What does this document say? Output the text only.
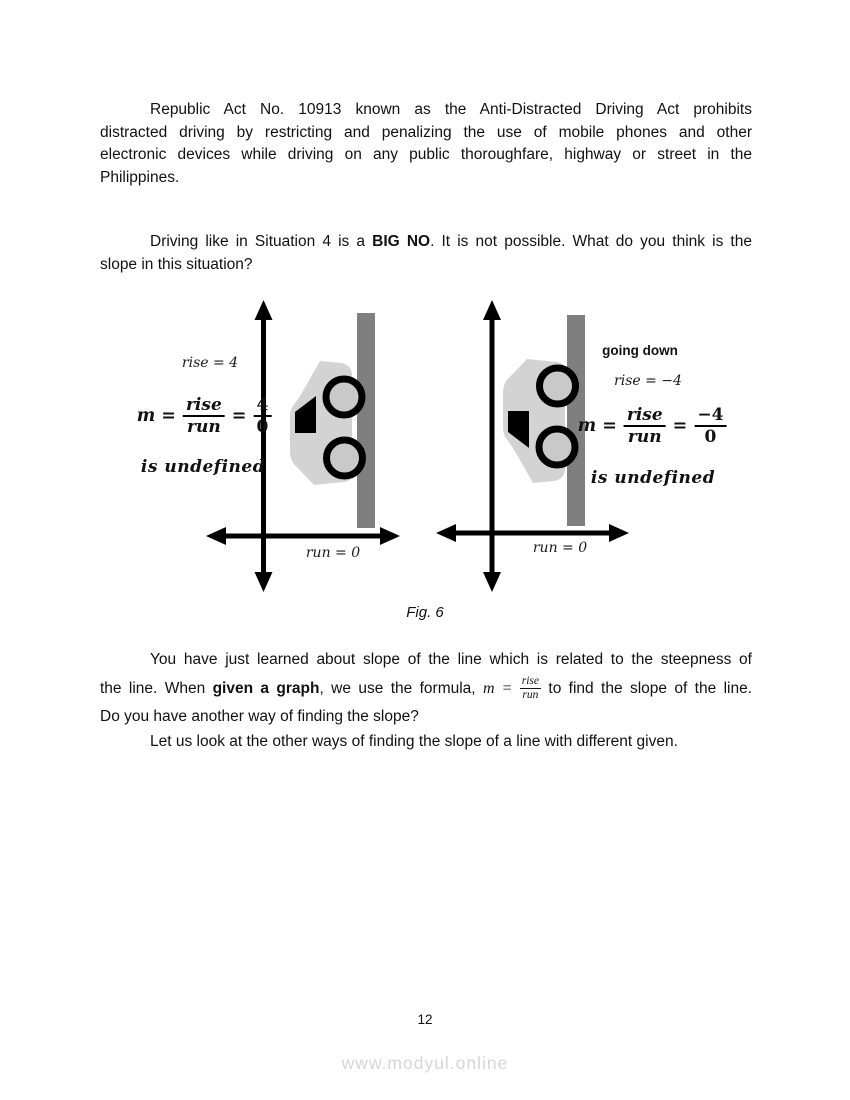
Republic Act No. 10913 known as the Anti-Distracted Driving Act prohibits
distracted driving by restricting and penalizing the use of mobile phones and other
electronic devices while driving on any public thoroughfare, highway or street in the
Philippines.
Driving like in Situation 4 is a BIG NO. It is not possible. What do you think is the
slope in this situation?
rise = 4
$m = \frac{\text{rise}}{\text{run}} = \frac{4}{0}$
is undefined
run = 0
going down
rise = −4
$m = \frac{\text{rise}}{\text{run}} = \frac{-4}{0}$
is undefined
run = 0
Fig. 6
You have just learned about slope of the line which is related to the steepness of
the line. When given a graph, we use the formula, m = rise
run to find the slope of the line.
Do you have another way of finding the slope?
Let us look at the other ways of finding the slope of a line with different given.
12
www.modyul.online
